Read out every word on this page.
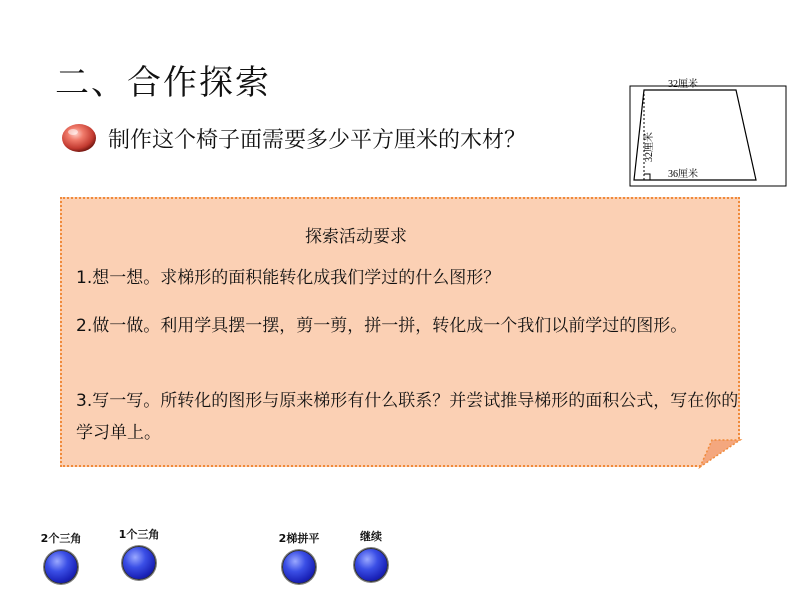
二、合作探索
制作这个椅子面需要多少平方厘米的木材？
32厘米
32厘米
36厘米
探索活动要求
1.想一想。求梯形的面积能转化成我们学过的什么图形？
2.做一做。利用学具摆一摆，剪一剪，拼一拼，转化成一个我们以前学过的图形。
3.写一写。所转化的图形与原来梯形有什么联系？并尝试推导梯形的面积公式，写在你的学习单上。
2个三角	1个三角	2梯拼平	继续
